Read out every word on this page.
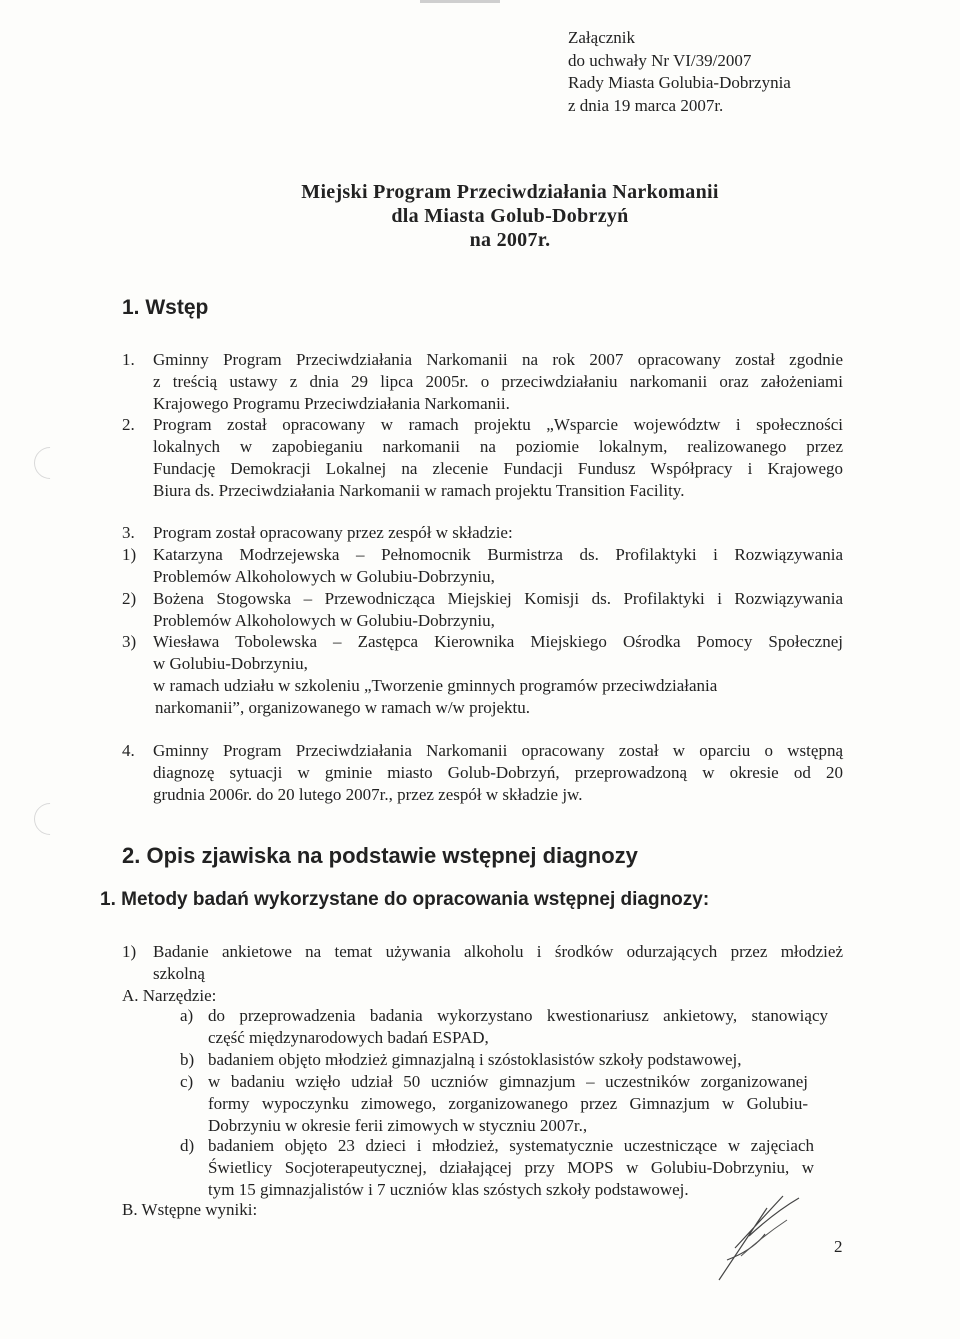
Załącznik
do uchwały Nr VI/39/2007
Rady Miasta Golubia-Dobrzynia
z dnia 19 marca 2007r.
Miejski Program Przeciwdziałania Narkomanii
dla Miasta Golub-Dobrzyń
na 2007r.
1. Wstęp
1. Gminny Program Przeciwdziałania Narkomanii na rok 2007 opracowany został zgodnie
z treścią ustawy z dnia 29 lipca 2005r. o przeciwdziałaniu narkomanii oraz założeniami
Krajowego Programu Przeciwdziałania Narkomanii.
2. Program został opracowany w ramach projektu „Wsparcie województw i społeczności
lokalnych w zapobieganiu narkomanii na poziomie lokalnym, realizowanego przez
Fundację Demokracji Lokalnej na zlecenie Fundacji Fundusz Współpracy i Krajowego
Biura ds. Przeciwdziałania Narkomanii w ramach projektu Transition Facility.
3. Program został opracowany przez zespół w składzie:
1) Katarzyna Modrzejewska – Pełnomocnik Burmistrza ds. Profilaktyki i Rozwiązywania
Problemów Alkoholowych w Golubiu-Dobrzyniu,
2) Bożena Stogowska – Przewodnicząca Miejskiej Komisji ds. Profilaktyki i Rozwiązywania
Problemów Alkoholowych w Golubiu-Dobrzyniu,
3) Wiesława Tobolewska – Zastępca Kierownika Miejskiego Ośrodka Pomocy Społecznej
w Golubiu-Dobrzyniu,
w ramach udziału w szkoleniu „Tworzenie gminnych programów przeciwdziałania
narkomanii”, organizowanego w ramach w/w projektu.
4. Gminny Program Przeciwdziałania Narkomanii opracowany został w oparciu o wstępną
diagnozę sytuacji w gminie miasto Golub-Dobrzyń, przeprowadzoną w okresie od 20
grudnia 2006r. do 20 lutego 2007r., przez zespół w składzie jw.
2. Opis zjawiska na podstawie wstępnej diagnozy
1. Metody badań wykorzystane do opracowania wstępnej diagnozy:
1) Badanie ankietowe na temat używania alkoholu i środków odurzających przez młodzież
szkolną
A. Narzędzie:
a) do przeprowadzenia badania wykorzystano kwestionariusz ankietowy, stanowiący
część międzynarodowych badań ESPAD,
b) badaniem objęto młodzież gimnazjalną i szóstoklasistów szkoły podstawowej,
c) w badaniu wzięło udział 50 uczniów gimnazjum – uczestników zorganizowanej
formy wypoczynku zimowego, zorganizowanego przez Gimnazjum w Golubiu-
Dobrzyniu w okresie ferii zimowych w styczniu 2007r.,
d) badaniem objęto 23 dzieci i młodzież, systematycznie uczestniczące w zajęciach
Świetlicy Socjoterapeutycznej, działającej przy MOPS w Golubiu-Dobrzyniu, w
tym 15 gimnazjalistów i 7 uczniów klas szóstych szkoły podstawowej.
B. Wstępne wyniki:
2
